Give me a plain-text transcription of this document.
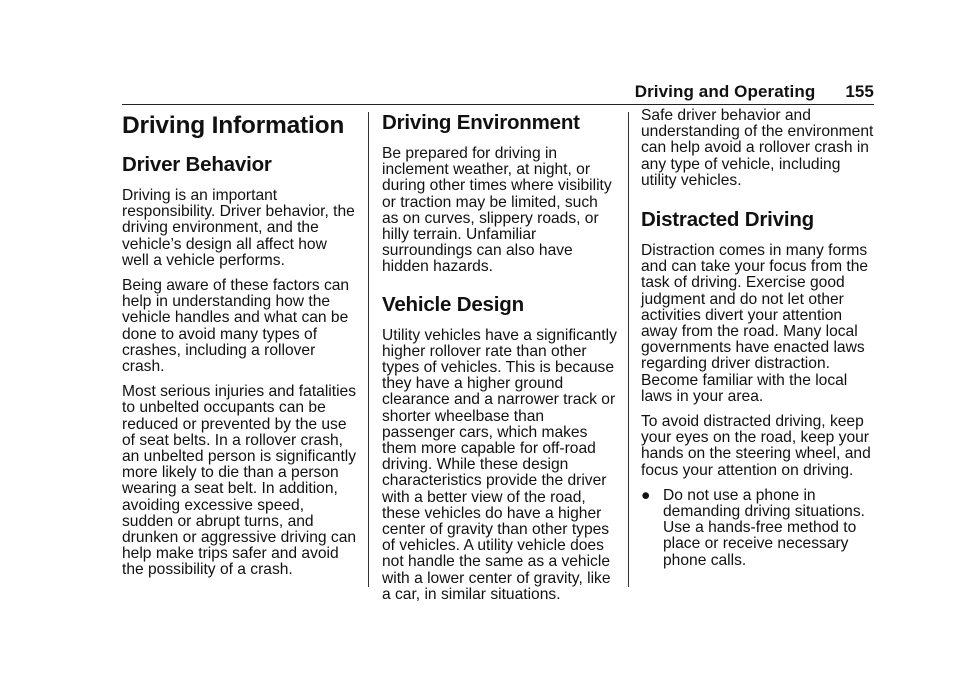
Driving and Operating 155
Driving Information
Driver Behavior

Driving is an important responsibility. Driver behavior, the driving environment, and the vehicle’s design all affect how well a vehicle performs.

Being aware of these factors can help in understanding how the vehicle handles and what can be done to avoid many types of crashes, including a rollover crash.

Most serious injuries and fatalities to unbelted occupants can be reduced or prevented by the use of seat belts. In a rollover crash, an unbelted person is significantly more likely to die than a person wearing a seat belt. In addition, avoiding excessive speed, sudden or abrupt turns, and drunken or aggressive driving can help make trips safer and avoid the possibility of a crash.

Driving Environment

Be prepared for driving in inclement weather, at night, or during other times where visibility or traction may be limited, such as on curves, slippery roads, or hilly terrain. Unfamiliar surroundings can also have hidden hazards.

Vehicle Design

Utility vehicles have a significantly higher rollover rate than other types of vehicles. This is because they have a higher ground clearance and a narrower track or shorter wheelbase than passenger cars, which makes them more capable for off-road driving. While these design characteristics provide the driver with a better view of the road, these vehicles do have a higher center of gravity than other types of vehicles. A utility vehicle does not handle the same as a vehicle with a lower center of gravity, like a car, in similar situations.

Safe driver behavior and understanding of the environment can help avoid a rollover crash in any type of vehicle, including utility vehicles.

Distracted Driving

Distraction comes in many forms and can take your focus from the task of driving. Exercise good judgment and do not let other activities divert your attention away from the road. Many local governments have enacted laws regarding driver distraction. Become familiar with the local laws in your area.

To avoid distracted driving, keep your eyes on the road, keep your hands on the steering wheel, and focus your attention on driving.

● Do not use a phone in demanding driving situations. Use a hands-free method to place or receive necessary phone calls.
